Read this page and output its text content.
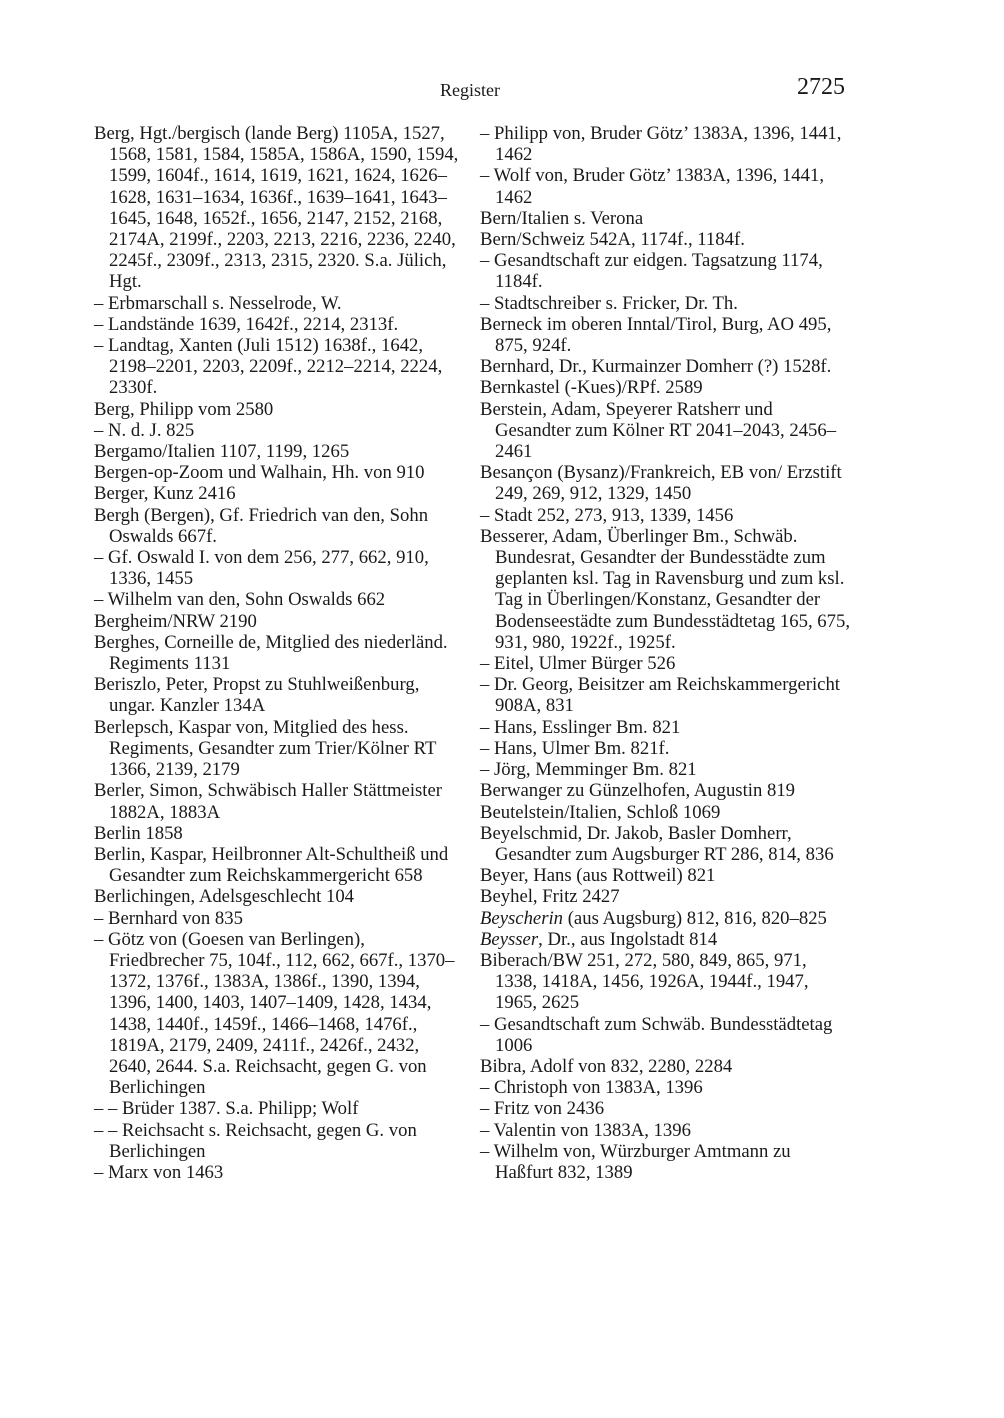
Register	2725
Berg, Hgt./bergisch (lande Berg) 1105A, 1527, 1568, 1581, 1584, 1585A, 1586A, 1590, 1594, 1599, 1604f., 1614, 1619, 1621, 1624, 1626–1628, 1631–1634, 1636f., 1639–1641, 1643–1645, 1648, 1652f., 1656, 2147, 2152, 2168, 2174A, 2199f., 2203, 2213, 2216, 2236, 2240, 2245f., 2309f., 2313, 2315, 2320. S.a. Jülich, Hgt.
– Erbmarschall s. Nesselrode, W.
– Landstände 1639, 1642f., 2214, 2313f.
– Landtag, Xanten (Juli 1512) 1638f., 1642, 2198–2201, 2203, 2209f., 2212–2214, 2224, 2330f.
Berg, Philipp vom 2580
– N. d. J. 825
Bergamo/Italien 1107, 1199, 1265
Bergen-op-Zoom und Walhain, Hh. von 910
Berger, Kunz 2416
Bergh (Bergen), Gf. Friedrich van den, Sohn Oswalds 667f.
– Gf. Oswald I. von dem 256, 277, 662, 910, 1336, 1455
– Wilhelm van den, Sohn Oswalds 662
Bergheim/NRW 2190
Berghes, Corneille de, Mitglied des niederländ. Regiments 1131
Beriszlo, Peter, Propst zu Stuhlweißenburg, ungar. Kanzler 134A
Berlepsch, Kaspar von, Mitglied des hess. Regiments, Gesandter zum Trier/Kölner RT 1366, 2139, 2179
Berler, Simon, Schwäbisch Haller Stättmeister 1882A, 1883A
Berlin 1858
Berlin, Kaspar, Heilbronner Alt-Schultheiß und Gesandter zum Reichskammergericht 658
Berlichingen, Adelsgeschlecht 104
– Bernhard von 835
– Götz von (Goesen van Berlingen), Friedbrecher 75, 104f., 112, 662, 667f., 1370–1372, 1376f., 1383A, 1386f., 1390, 1394, 1396, 1400, 1403, 1407–1409, 1428, 1434, 1438, 1440f., 1459f., 1466–1468, 1476f., 1819A, 2179, 2409, 2411f., 2426f., 2432, 2640, 2644. S.a. Reichsacht, gegen G. von Berlichingen
– – Brüder 1387. S.a. Philipp; Wolf
– – Reichsacht s. Reichsacht, gegen G. von Berlichingen
– Marx von 1463
– Philipp von, Bruder Götz’ 1383A, 1396, 1441, 1462
– Wolf von, Bruder Götz’ 1383A, 1396, 1441, 1462
Bern/Italien s. Verona
Bern/Schweiz 542A, 1174f., 1184f.
– Gesandtschaft zur eidgen. Tagsatzung 1174, 1184f.
– Stadtschreiber s. Fricker, Dr. Th.
Berneck im oberen Inntal/Tirol, Burg, AO 495, 875, 924f.
Bernhard, Dr., Kurmainzer Domherr (?) 1528f.
Bernkastel (-Kues)/RPf. 2589
Berstein, Adam, Speyerer Ratsherr und Gesandter zum Kölner RT 2041–2043, 2456–2461
Besançon (Bysanz)/Frankreich, EB von/ Erzstift 249, 269, 912, 1329, 1450
– Stadt 252, 273, 913, 1339, 1456
Besserer, Adam, Überlinger Bm., Schwäb. Bundesrat, Gesandter der Bundesstädte zum geplanten ksl. Tag in Ravensburg und zum ksl. Tag in Überlingen/Konstanz, Gesandter der Bodenseestädte zum Bundesstädtetag 165, 675, 931, 980, 1922f., 1925f.
– Eitel, Ulmer Bürger 526
– Dr. Georg, Beisitzer am Reichskammergericht 908A, 831
– Hans, Esslinger Bm. 821
– Hans, Ulmer Bm. 821f.
– Jörg, Memminger Bm. 821
Berwanger zu Günzelhofen, Augustin 819
Beutelstein/Italien, Schloß 1069
Beyelschmid, Dr. Jakob, Basler Domherr, Gesandter zum Augsburger RT 286, 814, 836
Beyer, Hans (aus Rottweil) 821
Beyhel, Fritz 2427
Beyscherin (aus Augsburg) 812, 816, 820–825
Beysser, Dr., aus Ingolstadt 814
Biberach/BW 251, 272, 580, 849, 865, 971, 1338, 1418A, 1456, 1926A, 1944f., 1947, 1965, 2625
– Gesandtschaft zum Schwäb. Bundesstädtetag 1006
Bibra, Adolf von 832, 2280, 2284
– Christoph von 1383A, 1396
– Fritz von 2436
– Valentin von 1383A, 1396
– Wilhelm von, Würzburger Amtmann zu Haßfurt 832, 1389
